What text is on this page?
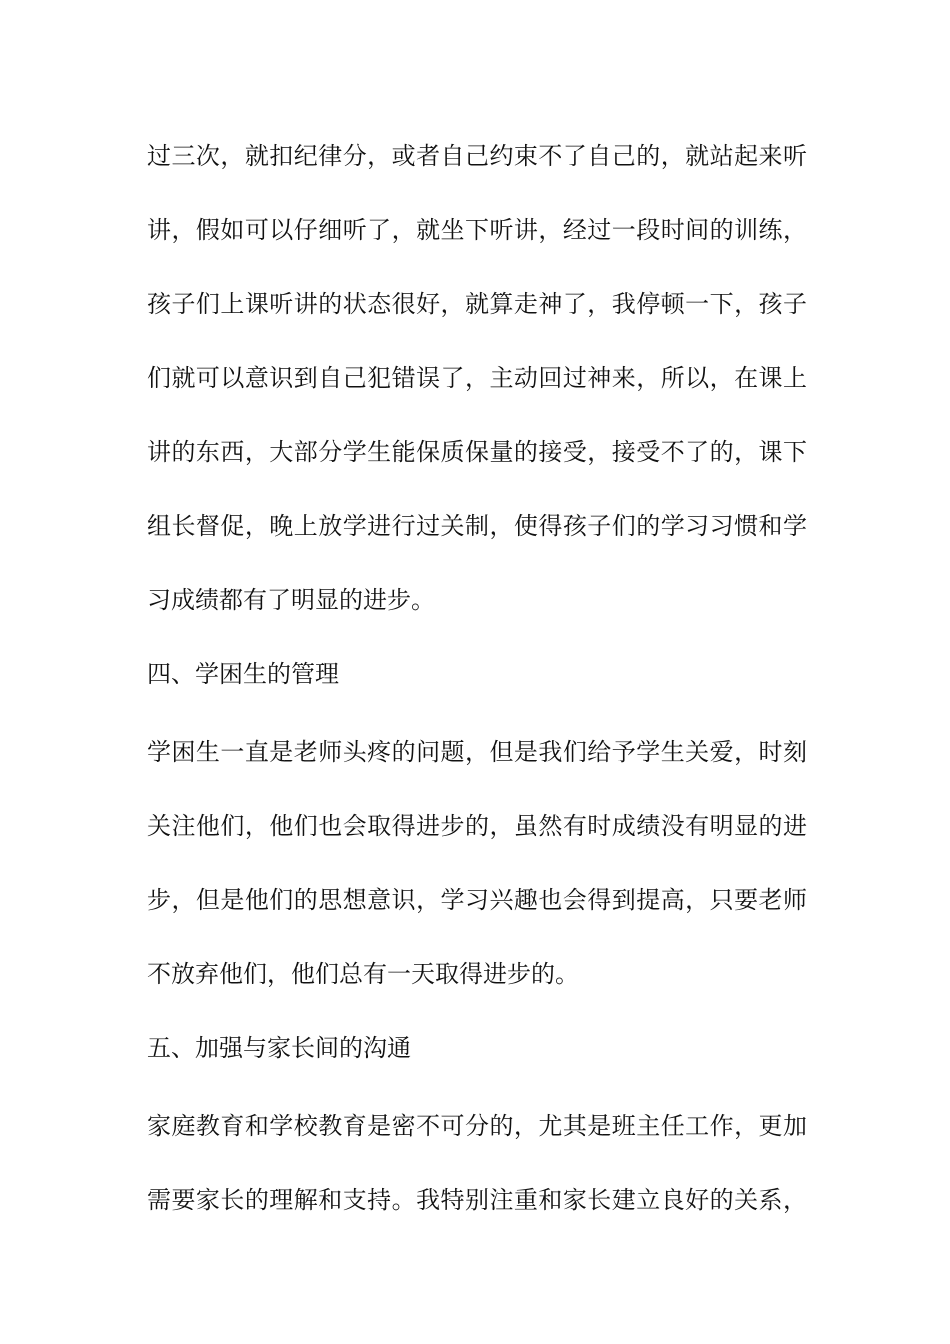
过三次，就扣纪律分，或者自己约束不了自己的，就站起来听
讲，假如可以仔细听了，就坐下听讲，经过一段时间的训练，
孩子们上课听讲的状态很好，就算走神了，我停顿一下，孩子
们就可以意识到自己犯错误了，主动回过神来，所以，在课上
讲的东西，大部分学生能保质保量的接受，接受不了的，课下
组长督促，晚上放学进行过关制，使得孩子们的学习习惯和学
习成绩都有了明显的进步。
四、学困生的管理
学困生一直是老师头疼的问题，但是我们给予学生关爱，时刻
关注他们，他们也会取得进步的，虽然有时成绩没有明显的进
步，但是他们的思想意识，学习兴趣也会得到提高，只要老师
不放弃他们，他们总有一天取得进步的。
五、加强与家长间的沟通
家庭教育和学校教育是密不可分的，尤其是班主任工作，更加
需要家长的理解和支持。我特别注重和家长建立良好的关系，
